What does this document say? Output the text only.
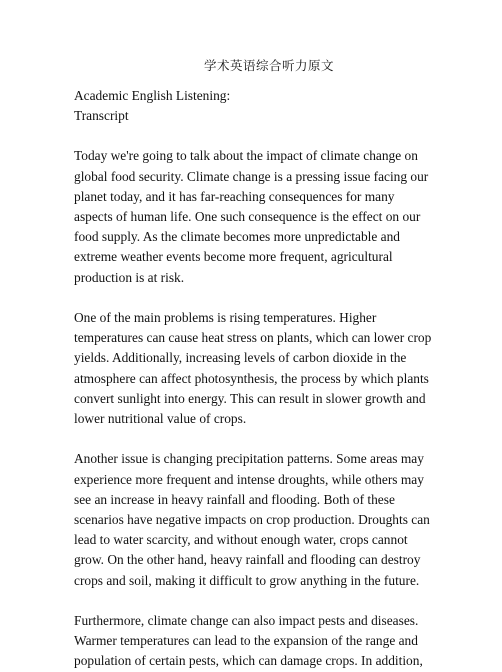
学术英语综合听力原文
Academic English Listening:
Transcript
Today we're going to talk about the impact of climate change on
global food security. Climate change is a pressing issue facing our
planet today, and it has far-reaching consequences for many
aspects of human life. One such consequence is the effect on our
food supply. As the climate becomes more unpredictable and
extreme weather events become more frequent, agricultural
production is at risk.
One of the main problems is rising temperatures. Higher
temperatures can cause heat stress on plants, which can lower crop
yields. Additionally, increasing levels of carbon dioxide in the
atmosphere can affect photosynthesis, the process by which plants
convert sunlight into energy. This can result in slower growth and
lower nutritional value of crops.
Another issue is changing precipitation patterns. Some areas may
experience more frequent and intense droughts, while others may
see an increase in heavy rainfall and flooding. Both of these
scenarios have negative impacts on crop production. Droughts can
lead to water scarcity, and without enough water, crops cannot
grow. On the other hand, heavy rainfall and flooding can destroy
crops and soil, making it difficult to grow anything in the future.
Furthermore, climate change can also impact pests and diseases.
Warmer temperatures can lead to the expansion of the range and
population of certain pests, which can damage crops. In addition,
